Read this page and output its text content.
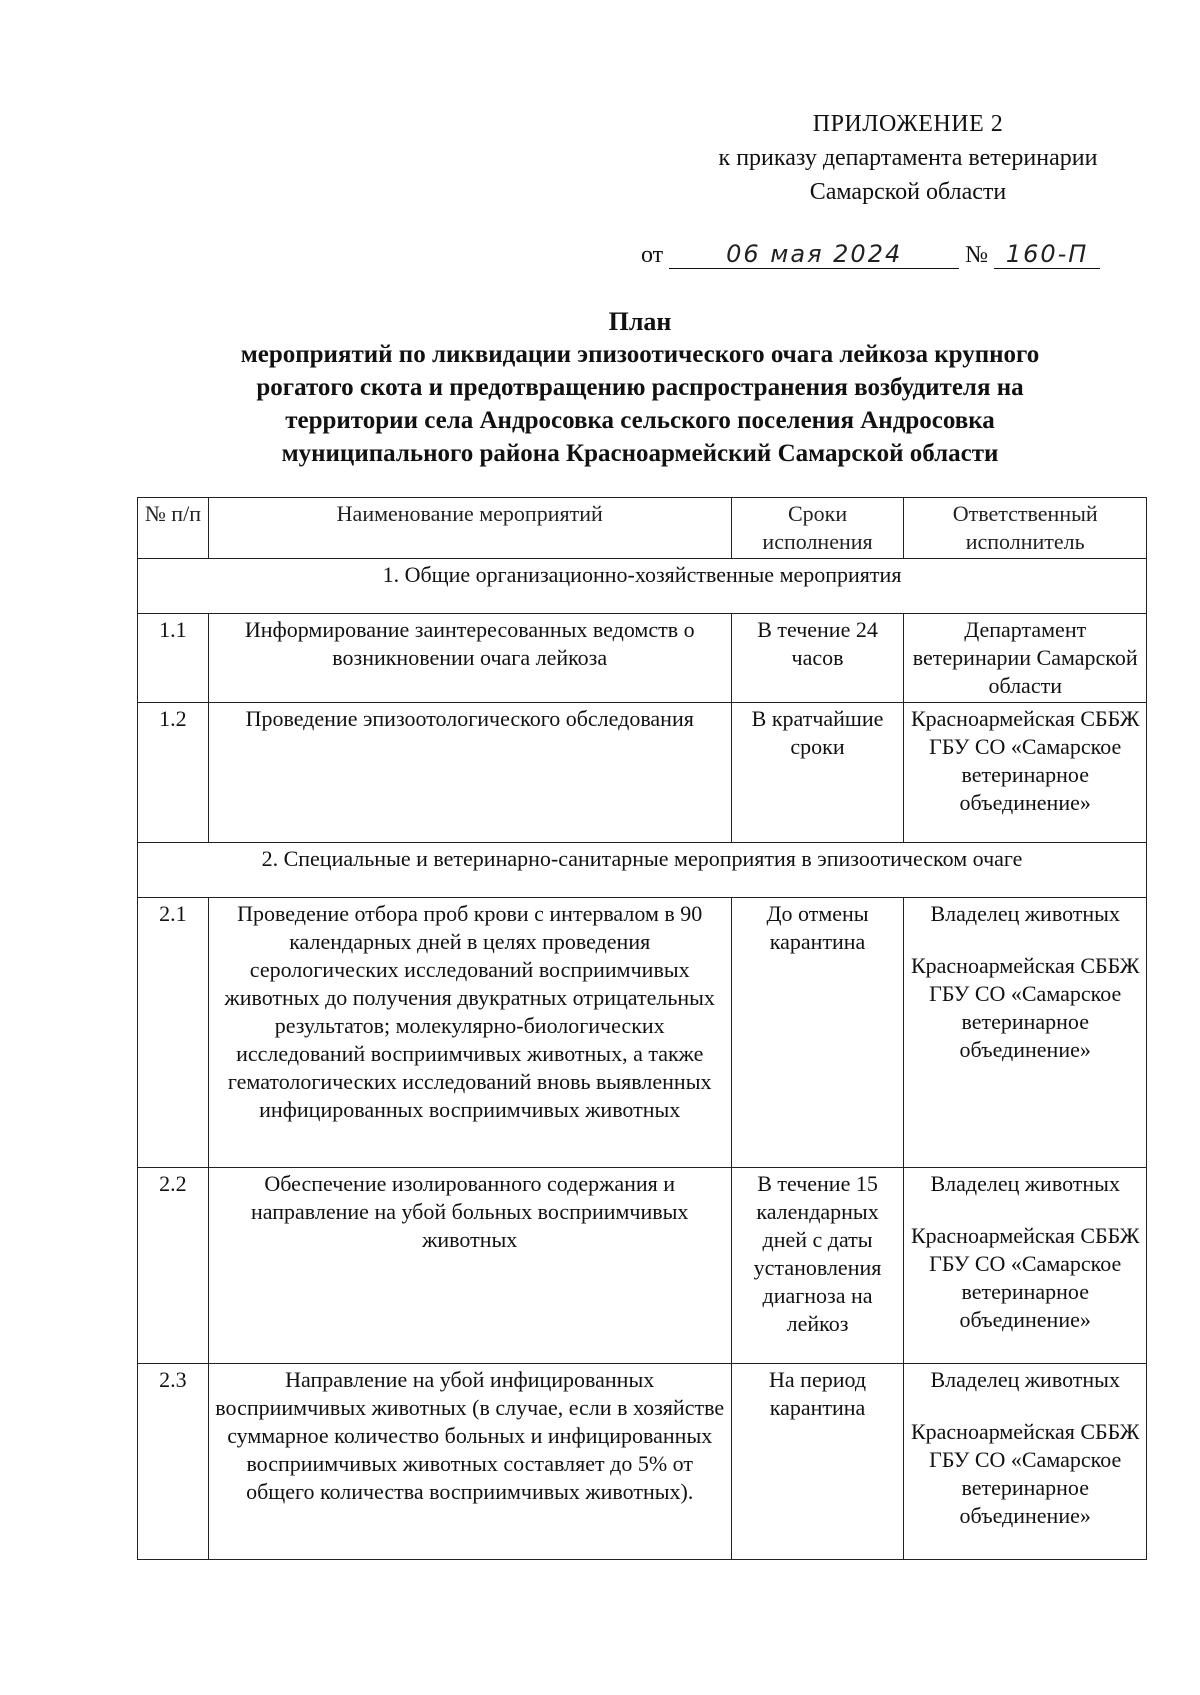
ПРИЛОЖЕНИЕ 2
к приказу департамента ветеринарии
Самарской области
от	06 мая 2024	№ 160-П
План
мероприятий по ликвидации эпизоотического очага лейкоза крупного
рогатого скота и предотвращению распространения возбудителя на
территории села Андросовка сельского поселения Андросовка
муниципального района Красноармейский Самарской области
№ п/п	Наименование мероприятий	Сроки исполнения	Ответственный исполнитель
1. Общие организационно-хозяйственные мероприятия			
1.1	Информирование заинтересованных ведомств о возникновении очага лейкоза	В течение 24 часов	Департамент ветеринарии Самарской области

1.2	Проведение эпизоотологического обследования	В кратчайшие сроки	Красноармейская СББЖ ГБУ СО «Самарское ветеринарное объединение»

2. Специальные и ветеринарно-санитарные мероприятия в эпизоотическом очаге			
2.1	Проведение отбора проб крови с интервалом в 90 календарных дней в целях проведения серологических исследований восприимчивых животных до получения двукратных отрицательных результатов; молекулярно-биологических исследований восприимчивых животных, а также гематологических исследований вновь выявленных инфицированных восприимчивых животных	До отмены карантина	Владелец животных
Красноармейская СББЖ ГБУ СО «Самарское ветеринарное объединение»

2.2	Обеспечение изолированного содержания и направление на убой больных восприимчивых животных	В течение 15 календарных дней с даты установления диагноза на лейкоз	Владелец животных
Красноармейская СББЖ ГБУ СО «Самарское ветеринарное объединение»

2.3	Направление на убой инфицированных восприимчивых животных (в случае, если в хозяйстве суммарное количество больных и инфицированных восприимчивых животных составляет до 5% от общего количества восприимчивых животных).	На период карантина	Владелец животных
Красноармейская СББЖ ГБУ СО «Самарское ветеринарное объединение»
